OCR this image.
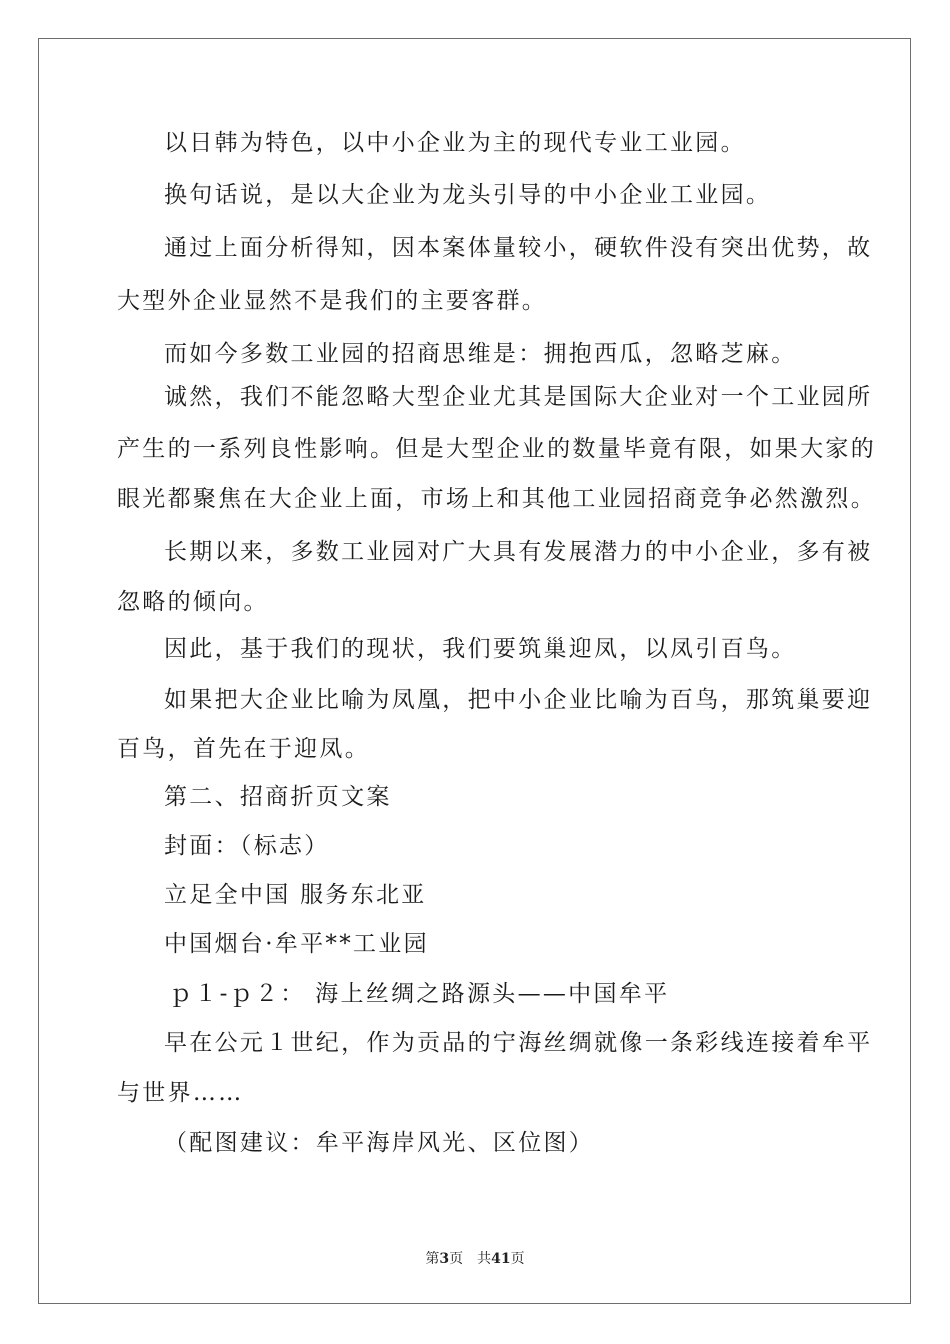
以日韩为特色，以中小企业为主的现代专业工业园。
换句话说，是以大企业为龙头引导的中小企业工业园。
通过上面分析得知，因本案体量较小，硬软件没有突出优势，故
大型外企业显然不是我们的主要客群。
而如今多数工业园的招商思维是：拥抱西瓜，忽略芝麻。
诚然，我们不能忽略大型企业尤其是国际大企业对一个工业园所
产生的一系列良性影响。但是大型企业的数量毕竟有限，如果大家的
眼光都聚焦在大企业上面，市场上和其他工业园招商竞争必然激烈。
长期以来，多数工业园对广大具有发展潜力的中小企业，多有被
忽略的倾向。
因此，基于我们的现状，我们要筑巢迎凤，以凤引百鸟。
如果把大企业比喻为凤凰，把中小企业比喻为百鸟，那筑巢要迎
百鸟，首先在于迎凤。
第二、招商折页文案
封面：（标志）
立足全中国 服务东北亚
中国烟台·牟平**工业园
ｐ１-ｐ２： 海上丝绸之路源头——中国牟平
早在公元１世纪，作为贡品的宁海丝绸就像一条彩线连接着牟平
与世界……
（配图建议：牟平海岸风光、区位图）
第3页　共41页
